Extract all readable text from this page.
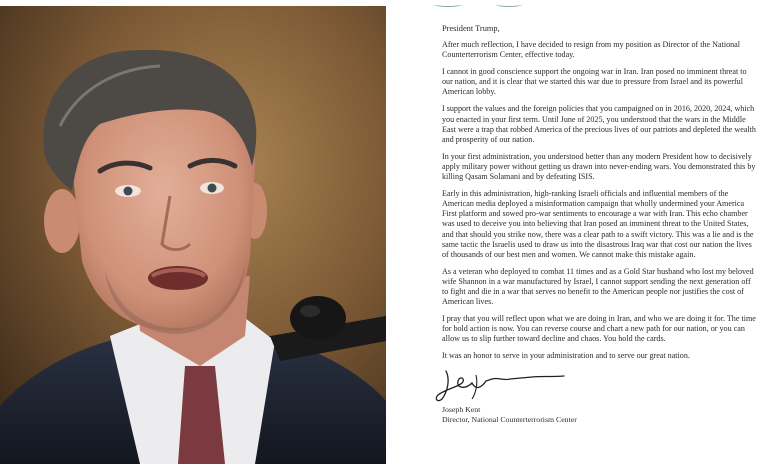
President Trump,
After much reflection, I have decided to resign from my position as Director of the National
Counterterrorism Center, effective today.
I cannot in good conscience support the ongoing war in Iran. Iran posed no imminent threat to
our nation, and it is clear that we started this war due to pressure from Israel and its powerful
American lobby.
I support the values and the foreign policies that you campaigned on in 2016, 2020, 2024, which
you enacted in your first term. Until June of 2025, you understood that the wars in the Middle
East were a trap that robbed America of the precious lives of our patriots and depleted the wealth
and prosperity of our nation.
In your first administration, you understood better than any modern President how to decisively
apply military power without getting us drawn into never-ending wars. You demonstrated this by
killing Qasam Solamani and by defeating ISIS.
Early in this administration, high-ranking Israeli officials and influential members of the
American media deployed a misinformation campaign that wholly undermined your America
First platform and sowed pro-war sentiments to encourage a war with Iran. This echo chamber
was used to deceive you into believing that Iran posed an imminent threat to the United States,
and that should you strike now, there was a clear path to a swift victory. This was a lie and is the
same tactic the Israelis used to draw us into the disastrous Iraq war that cost our nation the lives
of thousands of our best men and women. We cannot make this mistake again.
As a veteran who deployed to combat 11 times and as a Gold Star husband who lost my beloved
wife Shannon in a war manufactured by Israel, I cannot support sending the next generation off
to fight and die in a war that serves no benefit to the American people nor justifies the cost of
American lives.
I pray that you will reflect upon what we are doing in Iran, and who we are doing it for. The time
for bold action is now. You can reverse course and chart a new path for our nation, or you can
allow us to slip further toward decline and chaos. You hold the cards.
It was an honor to serve in your administration and to serve our great nation.
Joseph Kent
Director, National Counterterrorism Center
